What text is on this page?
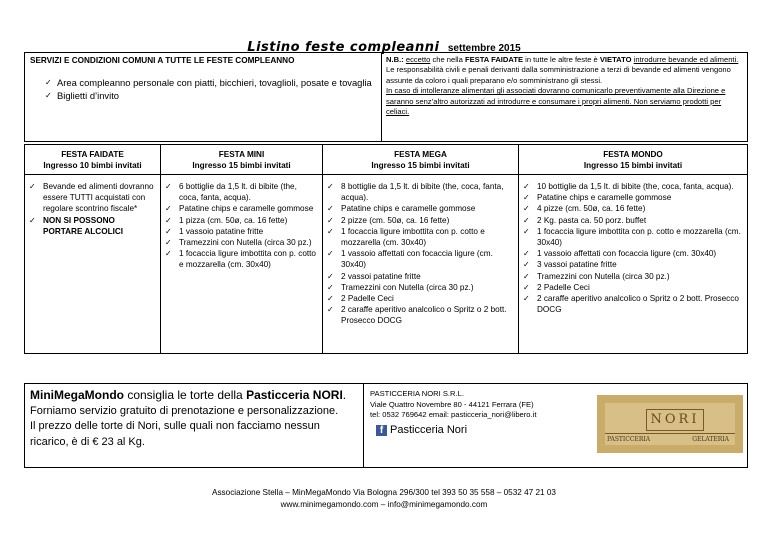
Listino feste compleanni settembre 2015
SERVIZI E CONDIZIONI COMUNI A TUTTE LE FESTE COMPLEANNO
✓ Area compleanno personale con piatti, bicchieri, tovaglioli, posate e tovaglia
✓ Biglietti d’invito
N.B.: eccetto che nella FESTA FAIDATE in tutte le altre feste è VIETATO introdurre bevande ed alimenti.
Le responsabilità civili e penali derivanti dalla somministrazione a terzi di bevande ed alimenti vengono assunte da coloro i quali preparano e/o somministrano gli stessi.
In caso di intolleranze alimentari gli associati dovranno comunicarlo preventivamente alla Direzione e saranno senz’altro autorizzati ad introdurre e consumare i propri alimenti. Non serviamo prodotti per celiaci.
FESTA FAIDATE
Ingresso 10 bimbi invitati
✓ Bevande ed alimenti dovranno essere TUTTI acquistati con regolare scontrino fiscale*
✓ NON SI POSSONO PORTARE ALCOLICI
FESTA MINI
Ingresso 15 bimbi invitati
✓ 6 bottiglie da 1,5 lt. di bibite (the, coca, fanta, acqua).
✓ Patatine chips e caramelle gommose
✓ 1 pizza (cm. 50ø, ca. 16 fette)
✓ 1 vassoio patatine fritte
✓ Tramezzini con Nutella (circa 30 pz.)
✓ 1 focaccia ligure imbottita con p. cotto e mozzarella (cm. 30x40)
FESTA MEGA
Ingresso 15 bimbi invitati
✓ 8 bottiglie da 1,5 lt. di bibite (the, coca, fanta, acqua).
✓ Patatine chips e caramelle gommose
✓ 2 pizze (cm. 50ø, ca. 16 fette)
✓ 1 focaccia ligure imbottita con p. cotto e mozzarella (cm. 30x40)
✓ 1 vassoio affettati con focaccia ligure (cm. 30x40)
✓ 2 vassoi patatine fritte
✓ Tramezzini con Nutella (circa 30 pz.)
✓ 2 Padelle Ceci
✓ 2 caraffe aperitivo analcolico o Spritz o 2 bott. Prosecco DOCG
FESTA MONDO
Ingresso 15 bimbi invitati
✓ 10 bottiglie da 1,5 lt. di bibite (the, coca, fanta, acqua).
✓ Patatine chips e caramelle gommose
✓ 4 pizze (cm. 50ø, ca. 16 fette)
✓ 2 Kg. pasta ca. 50 porz. buffet
✓ 1 focaccia ligure imbottita con p. cotto e mozzarella (cm. 30x40)
✓ 1 vassoio affettati con focaccia ligure (cm. 30x40)
✓ 3 vassoi patatine fritte
✓ Tramezzini con Nutella (circa 30 pz.)
✓ 2 Padelle Ceci
✓ 2 caraffe aperitivo analcolico o Spritz o 2 bott. Prosecco DOCG
MiniMegaMondo consiglia le torte della Pasticceria NORI.
Forniamo servizio gratuito di prenotazione e personalizzazione.
Il prezzo delle torte di Nori, sulle quali non facciamo nessun ricarico, è di € 23 al Kg.
PASTICCERIA NORI S.R.L.
Viale Quattro Novembre 80 - 44121 Ferrara (FE)
tel: 0532 769642 email: pasticceria_nori@libero.it
f Pasticceria Nori
NORI
PASTICCERIA	GELATERIA
Associazione Stella – MinMegaMondo Via Bologna 296/300 tel 393 50 35 558 – 0532 47 21 03
www.minimegamondo.com – info@minimegamondo.com
